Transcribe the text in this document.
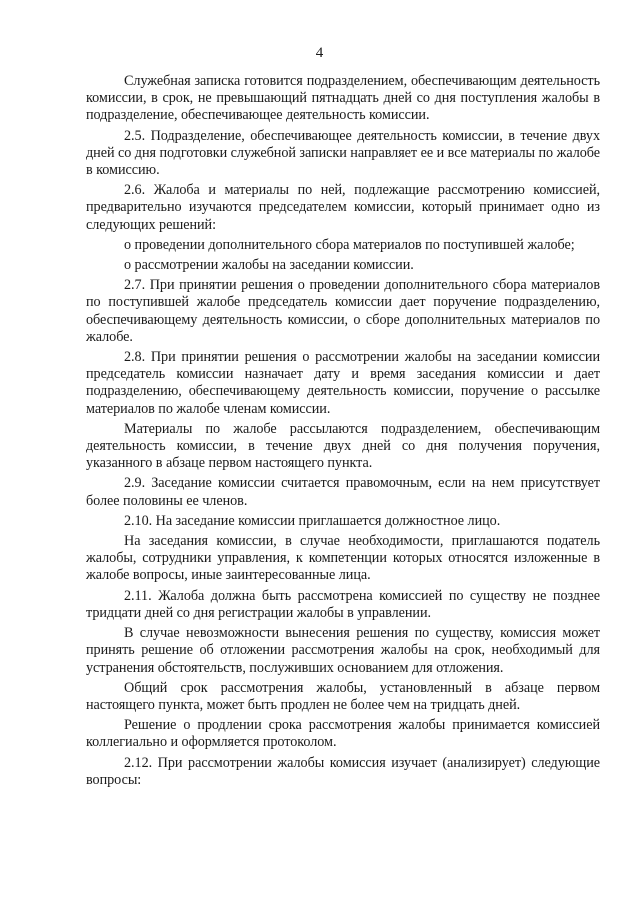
4

Служебная записка готовится подразделением, обеспечивающим деятельность комиссии, в срок, не превышающий пятнадцать дней со дня поступления жалобы в подразделение, обеспечивающее деятельность комиссии.

2.5. Подразделение, обеспечивающее деятельность комиссии, в течение двух дней со дня подготовки служебной записки направляет ее и все материалы по жалобе в комиссию.

2.6. Жалоба и материалы по ней, подлежащие рассмотрению комиссией, предварительно изучаются председателем комиссии, который принимает одно из следующих решений:

о проведении дополнительного сбора материалов по поступившей жалобе;

о рассмотрении жалобы на заседании комиссии.

2.7. При принятии решения о проведении дополнительного сбора материалов по поступившей жалобе председатель комиссии дает поручение подразделению, обеспечивающему деятельность комиссии, о сборе дополнительных материалов по жалобе.

2.8. При принятии решения о рассмотрении жалобы на заседании комиссии председатель комиссии назначает дату и время заседания комиссии и дает подразделению, обеспечивающему деятельность комиссии, поручение о рассылке материалов по жалобе членам комиссии.

Материалы по жалобе рассылаются подразделением, обеспечивающим деятельность комиссии, в течение двух дней со дня получения поручения, указанного в абзаце первом настоящего пункта.

2.9. Заседание комиссии считается правомочным, если на нем присутствует более половины ее членов.

2.10. На заседание комиссии приглашается должностное лицо.

На заседания комиссии, в случае необходимости, приглашаются податель жалобы, сотрудники управления, к компетенции которых относятся изложенные в жалобе вопросы, иные заинтересованные лица.

2.11. Жалоба должна быть рассмотрена комиссией по существу не позднее тридцати дней со дня регистрации жалобы в управлении.

В случае невозможности вынесения решения по существу, комиссия может принять решение об отложении рассмотрения жалобы на срок, необходимый для устранения обстоятельств, послуживших основанием для отложения.

Общий срок рассмотрения жалобы, установленный в абзаце первом настоящего пункта, может быть продлен не более чем на тридцать дней.

Решение о продлении срока рассмотрения жалобы принимается комиссией коллегиально и оформляется протоколом.

2.12. При рассмотрении жалобы комиссия изучает (анализирует) следующие вопросы:
